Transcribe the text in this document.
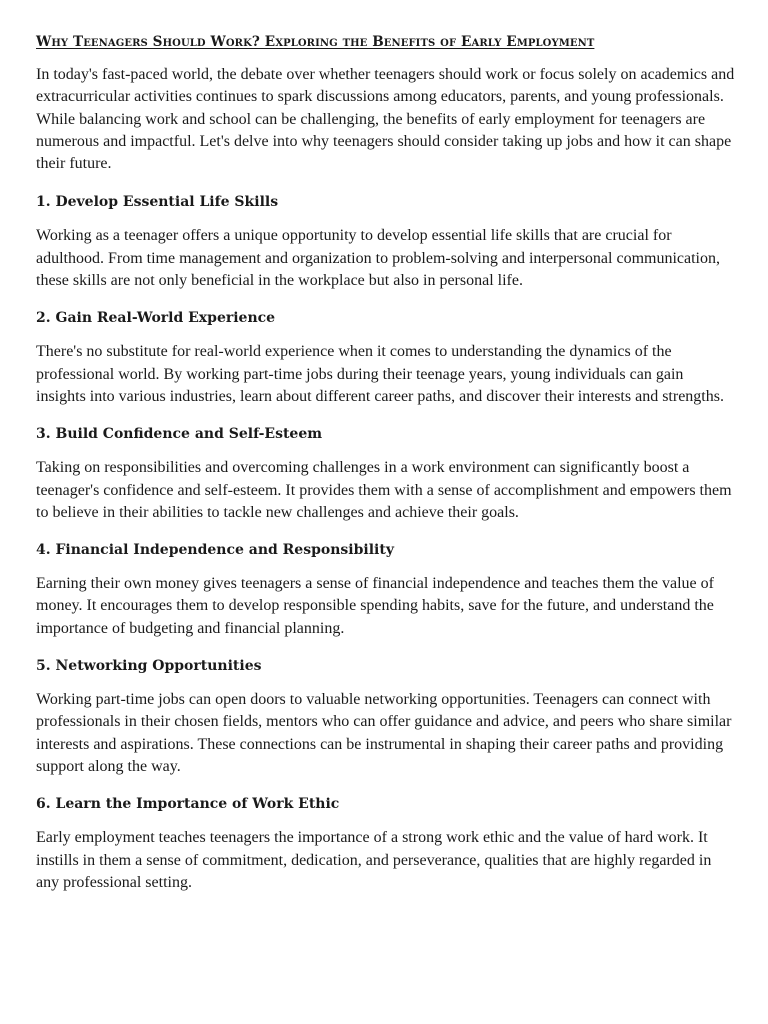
Why Teenagers Should Work? Exploring the Benefits of Early Employment

In today's fast-paced world, the debate over whether teenagers should work or focus solely on academics and extracurricular activities continues to spark discussions among educators, parents, and young professionals. While balancing work and school can be challenging, the benefits of early employment for teenagers are numerous and impactful. Let's delve into why teenagers should consider taking up jobs and how it can shape their future.

1. Develop Essential Life Skills

Working as a teenager offers a unique opportunity to develop essential life skills that are crucial for adulthood. From time management and organization to problem-solving and interpersonal communication, these skills are not only beneficial in the workplace but also in personal life.

2. Gain Real-World Experience

There's no substitute for real-world experience when it comes to understanding the dynamics of the professional world. By working part-time jobs during their teenage years, young individuals can gain insights into various industries, learn about different career paths, and discover their interests and strengths.

3. Build Confidence and Self-Esteem

Taking on responsibilities and overcoming challenges in a work environment can significantly boost a teenager's confidence and self-esteem. It provides them with a sense of accomplishment and empowers them to believe in their abilities to tackle new challenges and achieve their goals.

4. Financial Independence and Responsibility

Earning their own money gives teenagers a sense of financial independence and teaches them the value of money. It encourages them to develop responsible spending habits, save for the future, and understand the importance of budgeting and financial planning.

5. Networking Opportunities

Working part-time jobs can open doors to valuable networking opportunities. Teenagers can connect with professionals in their chosen fields, mentors who can offer guidance and advice, and peers who share similar interests and aspirations. These connections can be instrumental in shaping their career paths and providing support along the way.

6. Learn the Importance of Work Ethic

Early employment teaches teenagers the importance of a strong work ethic and the value of hard work. It instills in them a sense of commitment, dedication, and perseverance, qualities that are highly regarded in any professional setting.
